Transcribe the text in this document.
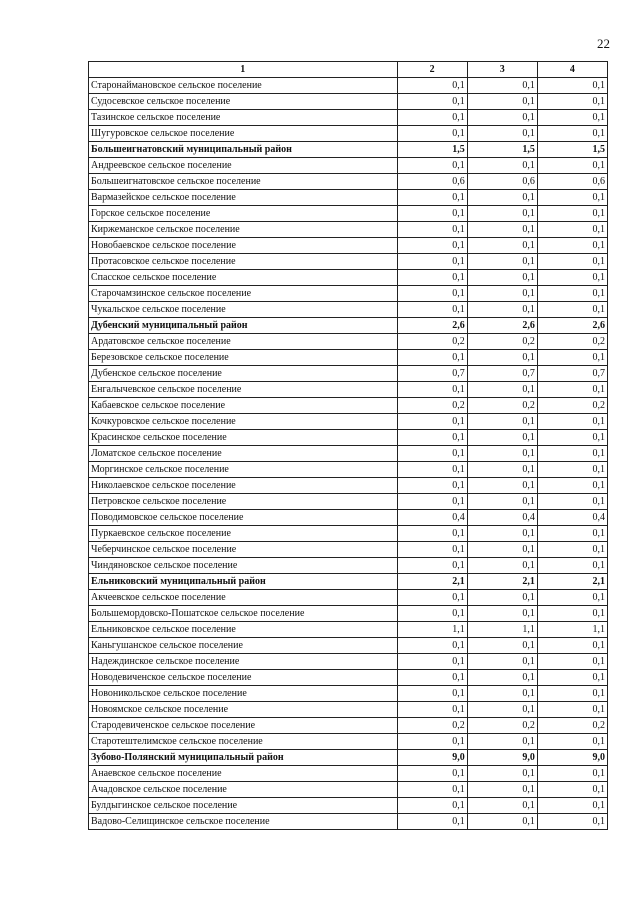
22
1	2	3	4
Старонаймановское сельское поселение	0,1	0,1	0,1
Судосевское сельское поселение	0,1	0,1	0,1
Тазинское сельское поселение	0,1	0,1	0,1
Шугуровское сельское поселение	0,1	0,1	0,1
Большеигнатовский муниципальный район	1,5	1,5	1,5
Андреевское сельское поселение	0,1	0,1	0,1
Большеигнатовское сельское поселение	0,6	0,6	0,6
Вармазейское сельское поселение	0,1	0,1	0,1
Горское сельское поселение	0,1	0,1	0,1
Киржеманское сельское поселение	0,1	0,1	0,1
Новобаевское сельское поселение	0,1	0,1	0,1
Протасовское сельское поселение	0,1	0,1	0,1
Спасское сельское поселение	0,1	0,1	0,1
Старочамзинское сельское поселение	0,1	0,1	0,1
Чукальское сельское поселение	0,1	0,1	0,1
Дубенский муниципальный район	2,6	2,6	2,6
Ардатовское сельское поселение	0,2	0,2	0,2
Березовское сельское поселение	0,1	0,1	0,1
Дубенское сельское поселение	0,7	0,7	0,7
Енгалычевское сельское поселение	0,1	0,1	0,1
Кабаевское сельское поселение	0,2	0,2	0,2
Кочкуровское сельское поселение	0,1	0,1	0,1
Красинское сельское поселение	0,1	0,1	0,1
Ломатское сельское поселение	0,1	0,1	0,1
Моргинское сельское поселение	0,1	0,1	0,1
Николаевское сельское поселение	0,1	0,1	0,1
Петровское сельское поселение	0,1	0,1	0,1
Поводимовское сельское поселение	0,4	0,4	0,4
Пуркаевское сельское поселение	0,1	0,1	0,1
Чеберчинское сельское поселение	0,1	0,1	0,1
Чиндяновское сельское поселение	0,1	0,1	0,1
Ельниковский муниципальный район	2,1	2,1	2,1
Акчеевское сельское поселение	0,1	0,1	0,1
Большемордовско-Пошатское сельское поселение	0,1	0,1	0,1
Ельниковское сельское поселение	1,1	1,1	1,1
Каньгушанское сельское поселение	0,1	0,1	0,1
Надеждинское сельское поселение	0,1	0,1	0,1
Новодевиченское сельское поселение	0,1	0,1	0,1
Новоникольское сельское поселение	0,1	0,1	0,1
Новоямское сельское поселение	0,1	0,1	0,1
Стародевиченское сельское поселение	0,2	0,2	0,2
Старотештелимское сельское поселение	0,1	0,1	0,1
Зубово-Полянский муниципальный район	9,0	9,0	9,0
Анаевское сельское поселение	0,1	0,1	0,1
Ачадовское сельское поселение	0,1	0,1	0,1
Булдыгинское сельское поселение	0,1	0,1	0,1
Вадово-Селищинское сельское поселение	0,1	0,1	0,1
